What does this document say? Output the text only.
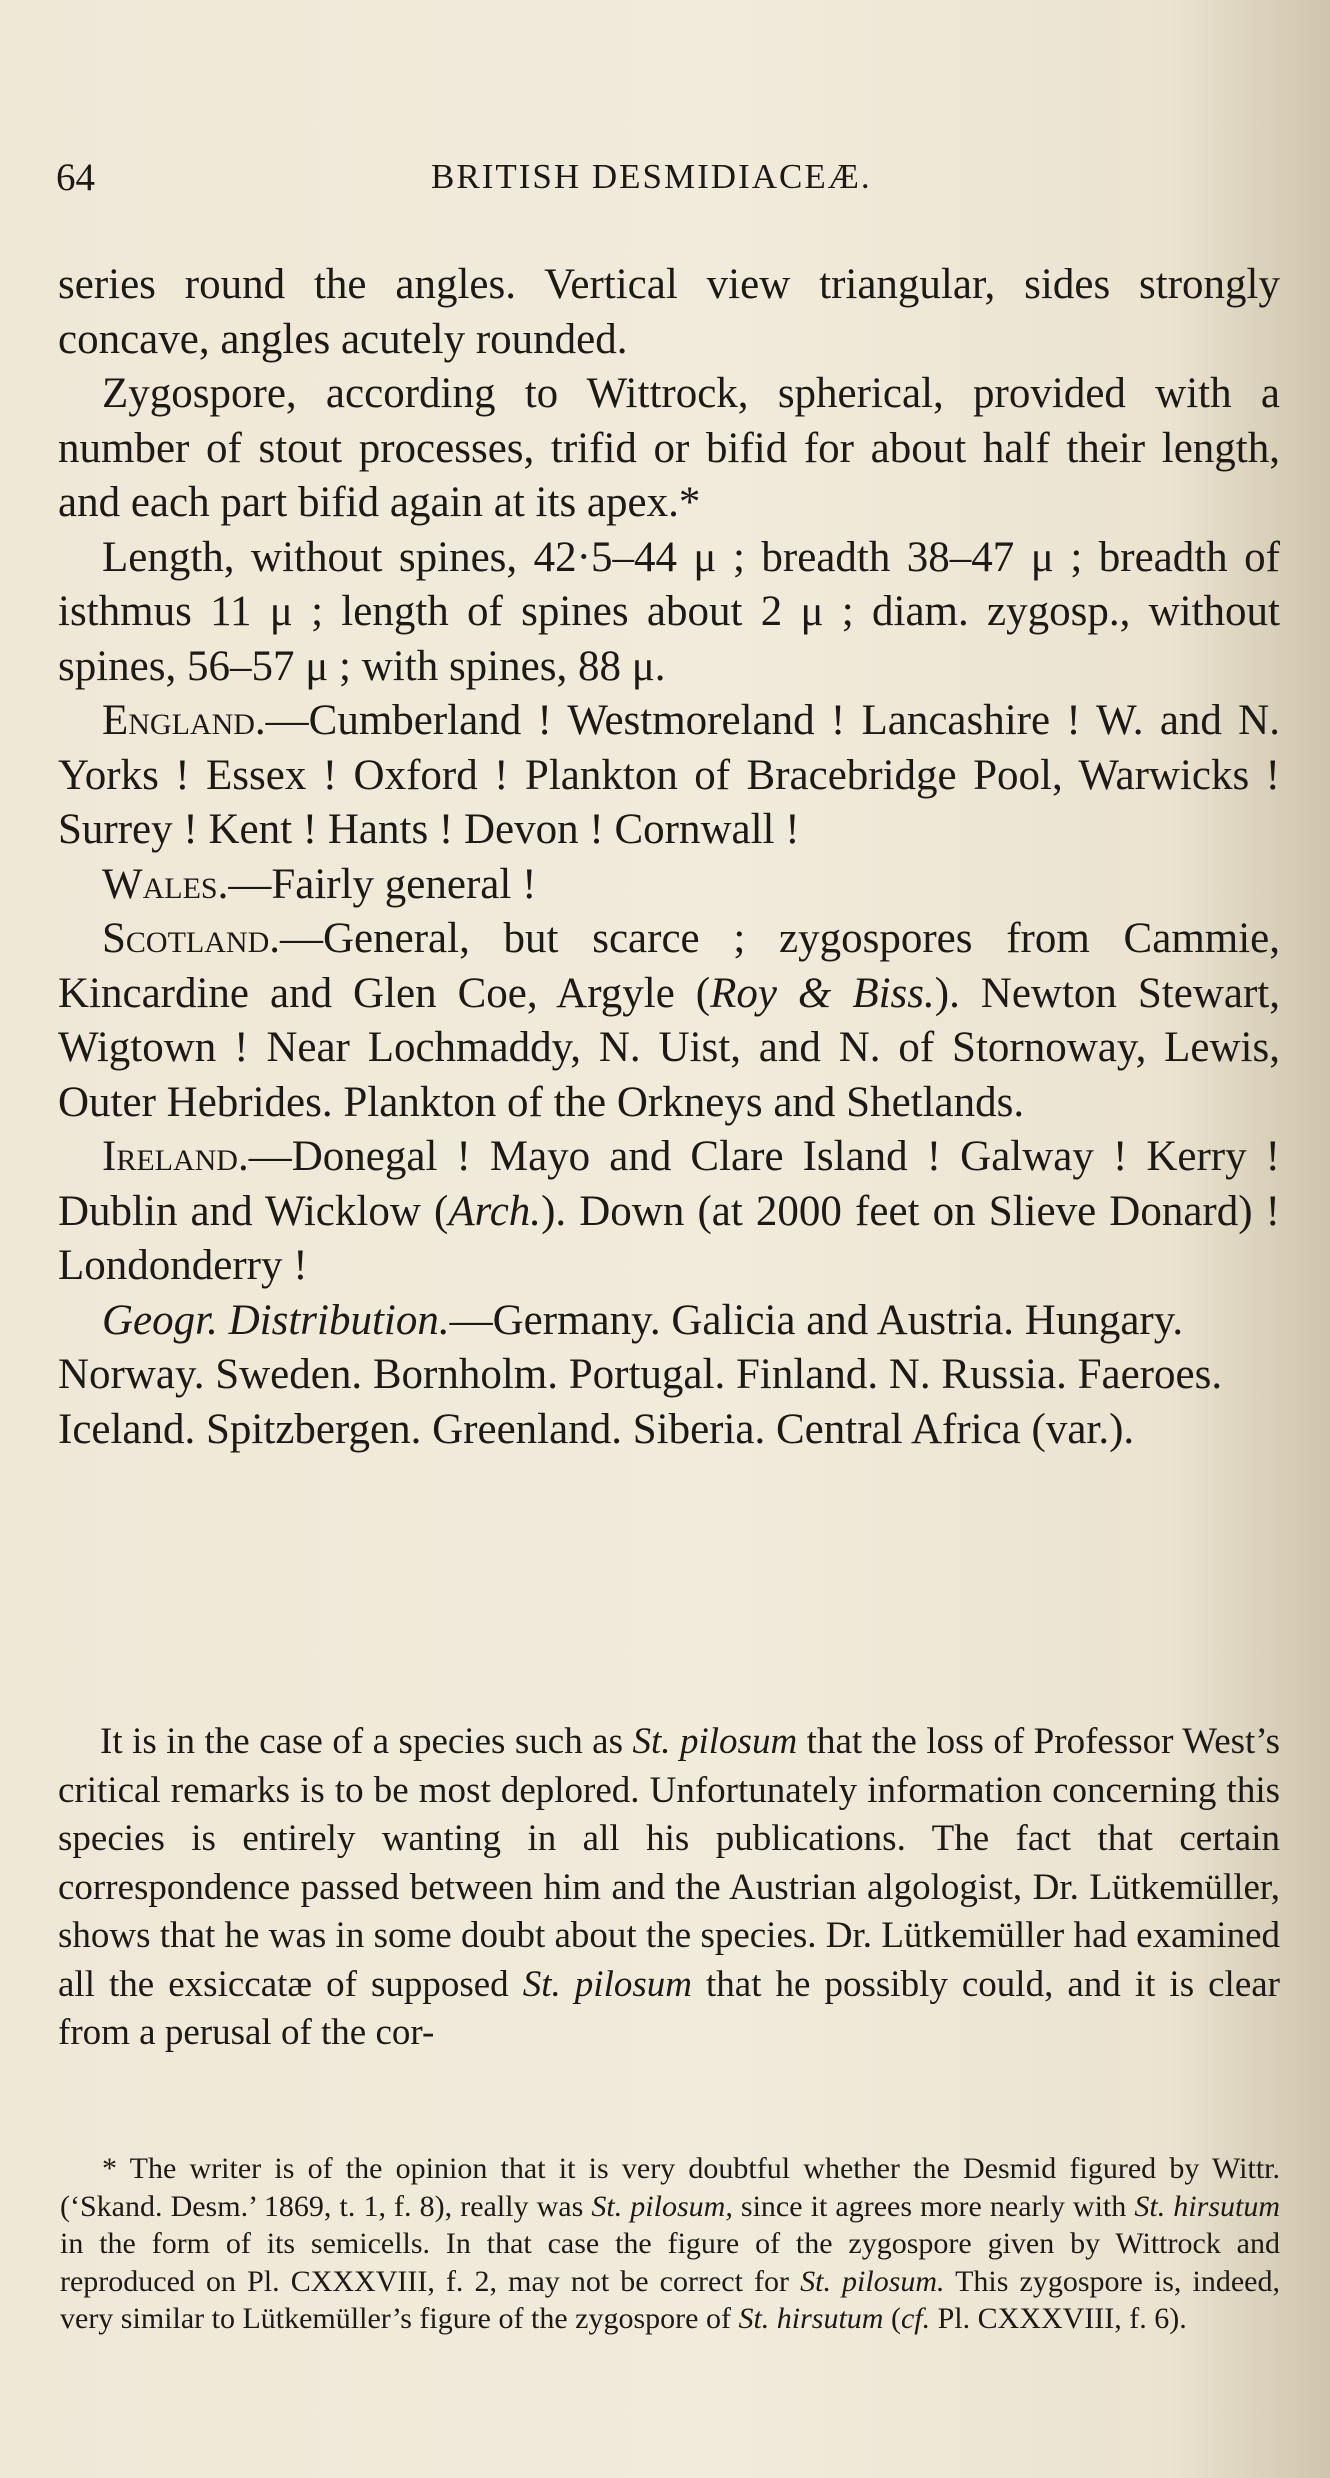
64	BRITISH DESMIDIACEÆ.

series round the angles. Vertical view triangular, sides strongly concave, angles acutely rounded.

Zygospore, according to Wittrock, spherical, provided with a number of stout processes, trifid or bifid for about half their length, and each part bifid again at its apex.*

Length, without spines, 42·5–44 μ ; breadth 38–47 μ ; breadth of isthmus 11 μ ; length of spines about 2 μ ; diam. zygosp., without spines, 56–57 μ ; with spines, 88 μ.

England.—Cumberland ! Westmoreland ! Lancashire ! W. and N. Yorks ! Essex ! Oxford ! Plankton of Bracebridge Pool, Warwicks ! Surrey ! Kent ! Hants ! Devon ! Cornwall !

Wales.—Fairly general !

Scotland.—General, but scarce ; zygospores from Cammie, Kincardine and Glen Coe, Argyle (Roy & Biss.). Newton Stewart, Wigtown ! Near Lochmaddy, N. Uist, and N. of Stornoway, Lewis, Outer Hebrides. Plankton of the Orkneys and Shetlands.

Ireland.—Donegal ! Mayo and Clare Island ! Galway ! Kerry ! Dublin and Wicklow (Arch.). Down (at 2000 feet on Slieve Donard) ! Londonderry !

Geogr. Distribution.—Germany. Galicia and Austria. Hungary. Norway. Sweden. Bornholm. Portugal. Finland. N. Russia. Faeroes. Iceland. Spitzbergen. Greenland. Siberia. Central Africa (var.).

It is in the case of a species such as St. pilosum that the loss of Professor West’s critical remarks is to be most deplored. Unfortunately information concerning this species is entirely wanting in all his publications. The fact that certain correspondence passed between him and the Austrian algologist, Dr. Lütkemüller, shows that he was in some doubt about the species. Dr. Lütkemüller had examined all the exsiccatæ of supposed St. pilosum that he possibly could, and it is clear from a perusal of the cor-

* The writer is of the opinion that it is very doubtful whether the Desmid figured by Wittr. (‘Skand. Desm.’ 1869, t. 1, f. 8), really was St. pilosum, since it agrees more nearly with St. hirsutum in the form of its semicells. In that case the figure of the zygospore given by Wittrock and reproduced on Pl. CXXXVIII, f. 2, may not be correct for St. pilosum. This zygospore is, indeed, very similar to Lütkemüller’s figure of the zygospore of St. hirsutum (cf. Pl. CXXXVIII, f. 6).
